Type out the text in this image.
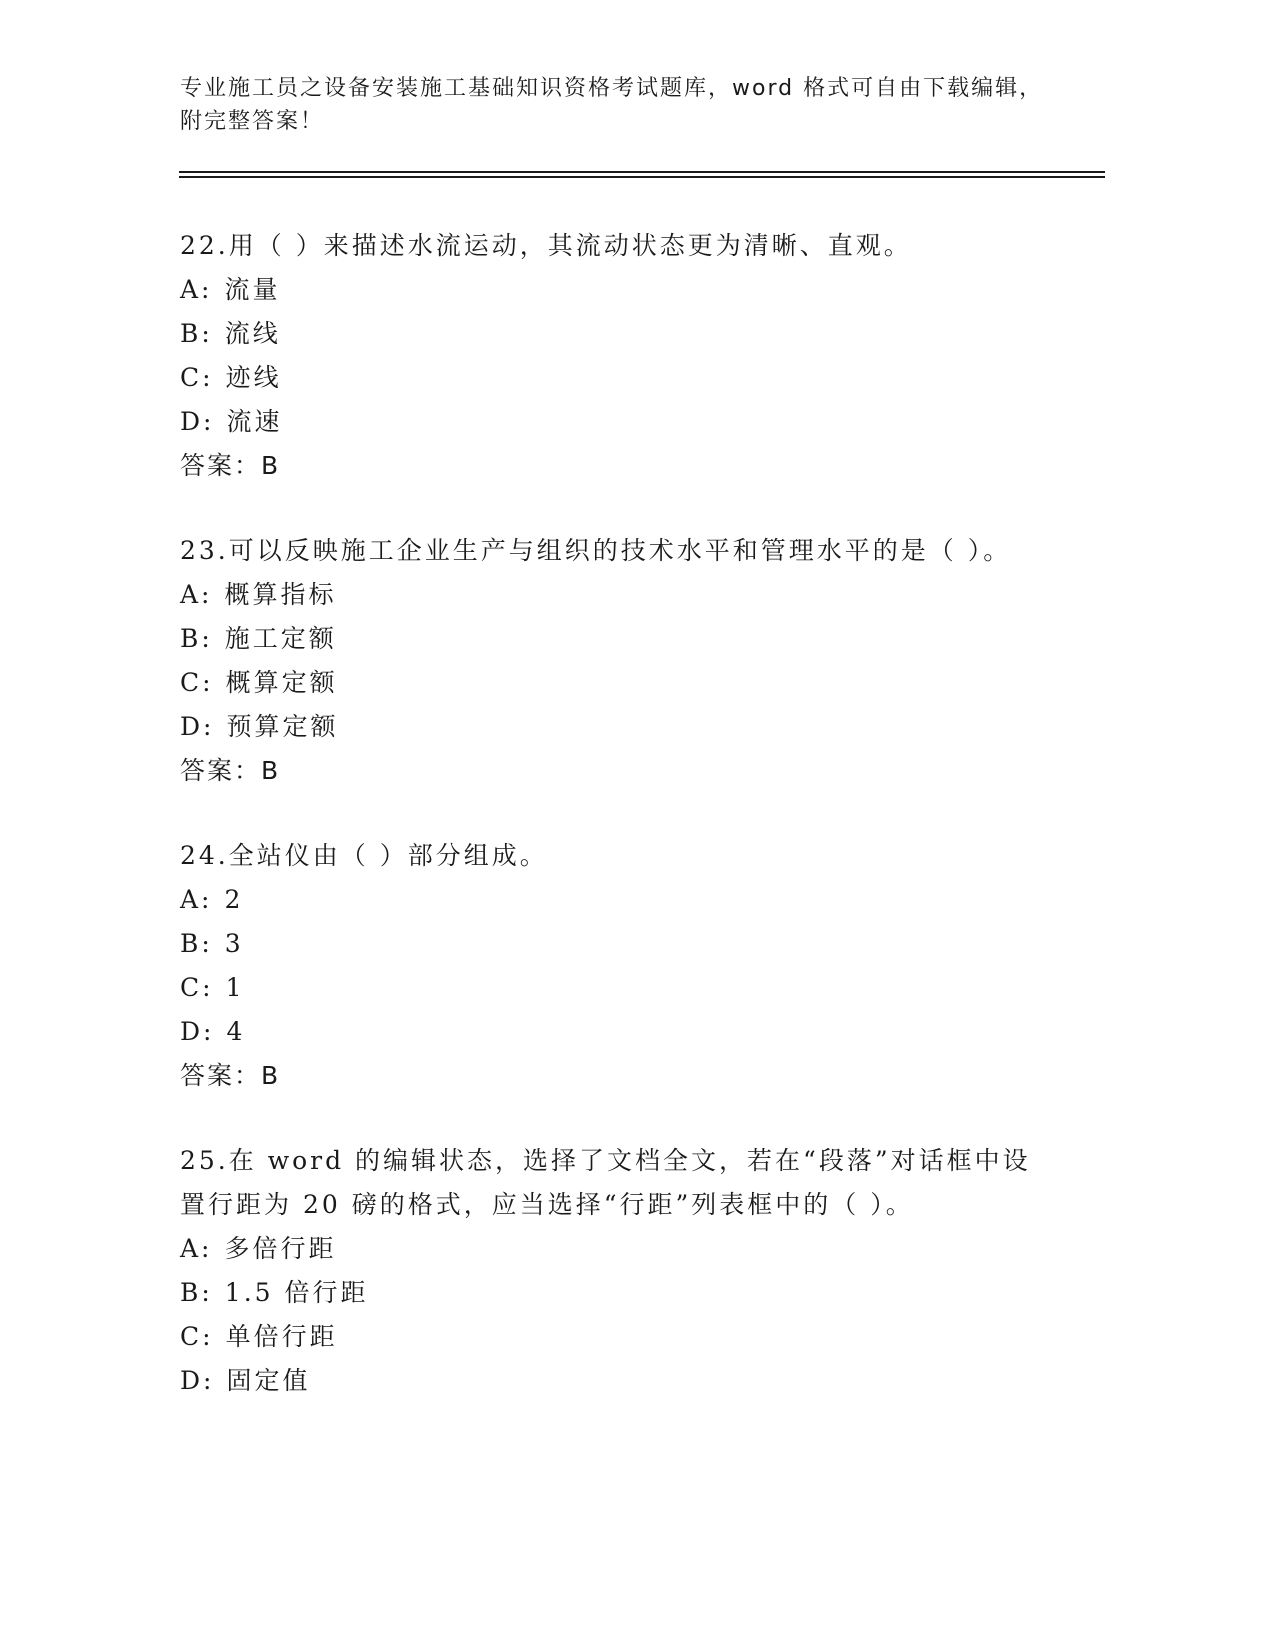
专业施工员之设备安装施工基础知识资格考试题库，word 格式可自由下载编辑，
附完整答案！

22.用（ ）来描述水流运动，其流动状态更为清晰、直观。

A: 流量
B: 流线
C: 迹线
D: 流速

答案：B

23.可以反映施工企业生产与组织的技术水平和管理水平的是（ ）。

A: 概算指标
B: 施工定额
C: 概算定额
D: 预算定额

答案：B

24.全站仪由（ ）部分组成。

A: 2
B: 3
C: 1
D: 4

答案：B

25.在 word 的编辑状态，选择了文档全文，若在“段落”对话框中设

置行距为 20 磅的格式，应当选择“行距”列表框中的（ ）。

A: 多倍行距
B: 1.5 倍行距
C: 单倍行距
D: 固定值
